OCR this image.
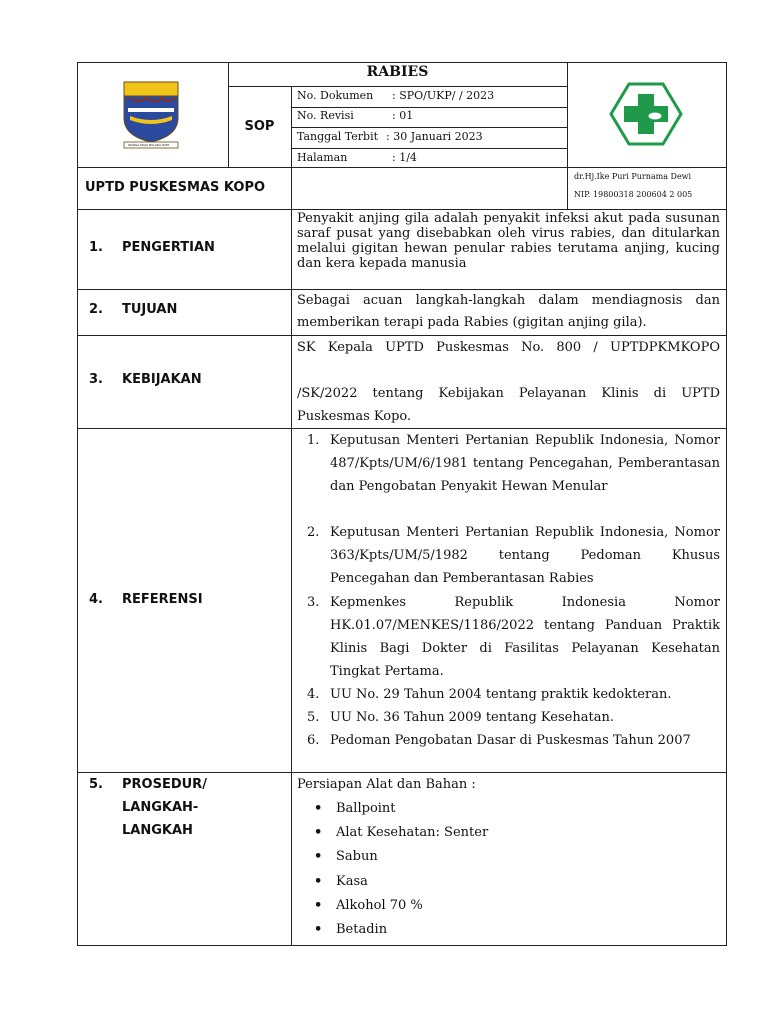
WARGA MAJU BALADA RAHI
RABIES
SOP
No. Dokumen : SPO/UKP/ / 2023
No. Revisi	: 01
Tanggal Terbit : 30 Januari 2023
Halaman	: 1/4
UPTD PUSKESMAS KOPO
dr.Hj.Ike Puri Purnama Dewi
NIP. 19800318 200604 2 005
1. PENGERTIAN
Penyakit anjing gila adalah penyakit infeksi akut pada susunan saraf pusat yang disebabkan oleh virus rabies, dan ditularkan melalui gigitan hewan penular rabies terutama anjing, kucing dan kera kepada manusia
2. TUJUAN
Sebagai acuan langkah-langkah dalam mendiagnosis dan memberikan terapi pada Rabies (gigitan anjing gila).
3. KEBIJAKAN
SK Kepala UPTD Puskesmas No. 800 / UPTDPKMKOPO
/SK/2022 tentang Kebijakan Pelayanan Klinis di UPTD Puskesmas Kopo.
4. REFERENSI
1. Keputusan Menteri Pertanian Republik Indonesia, Nomor 487/Kpts/UM/6/1981 tentang Pencegahan, Pemberantasan dan Pengobatan Penyakit Hewan Menular
2. Keputusan Menteri Pertanian Republik Indonesia, Nomor 363/Kpts/UM/5/1982 tentang Pedoman Khusus Pencegahan dan Pemberantasan Rabies
3. Kepmenkes Republik Indonesia Nomor HK.01.07/MENKES/1186/2022 tentang Panduan Praktik Klinis Bagi Dokter di Fasilitas Pelayanan Kesehatan Tingkat Pertama.
4. UU No. 29 Tahun 2004 tentang praktik kedokteran.
5. UU No. 36 Tahun 2009 tentang Kesehatan.
6. Pedoman Pengobatan Dasar di Puskesmas Tahun 2007
5. PROSEDUR/
LANGKAH-
LANGKAH
Persiapan Alat dan Bahan :
• Ballpoint
• Alat Kesehatan: Senter
• Sabun
• Kasa
• Alkohol 70 %
• Betadin
